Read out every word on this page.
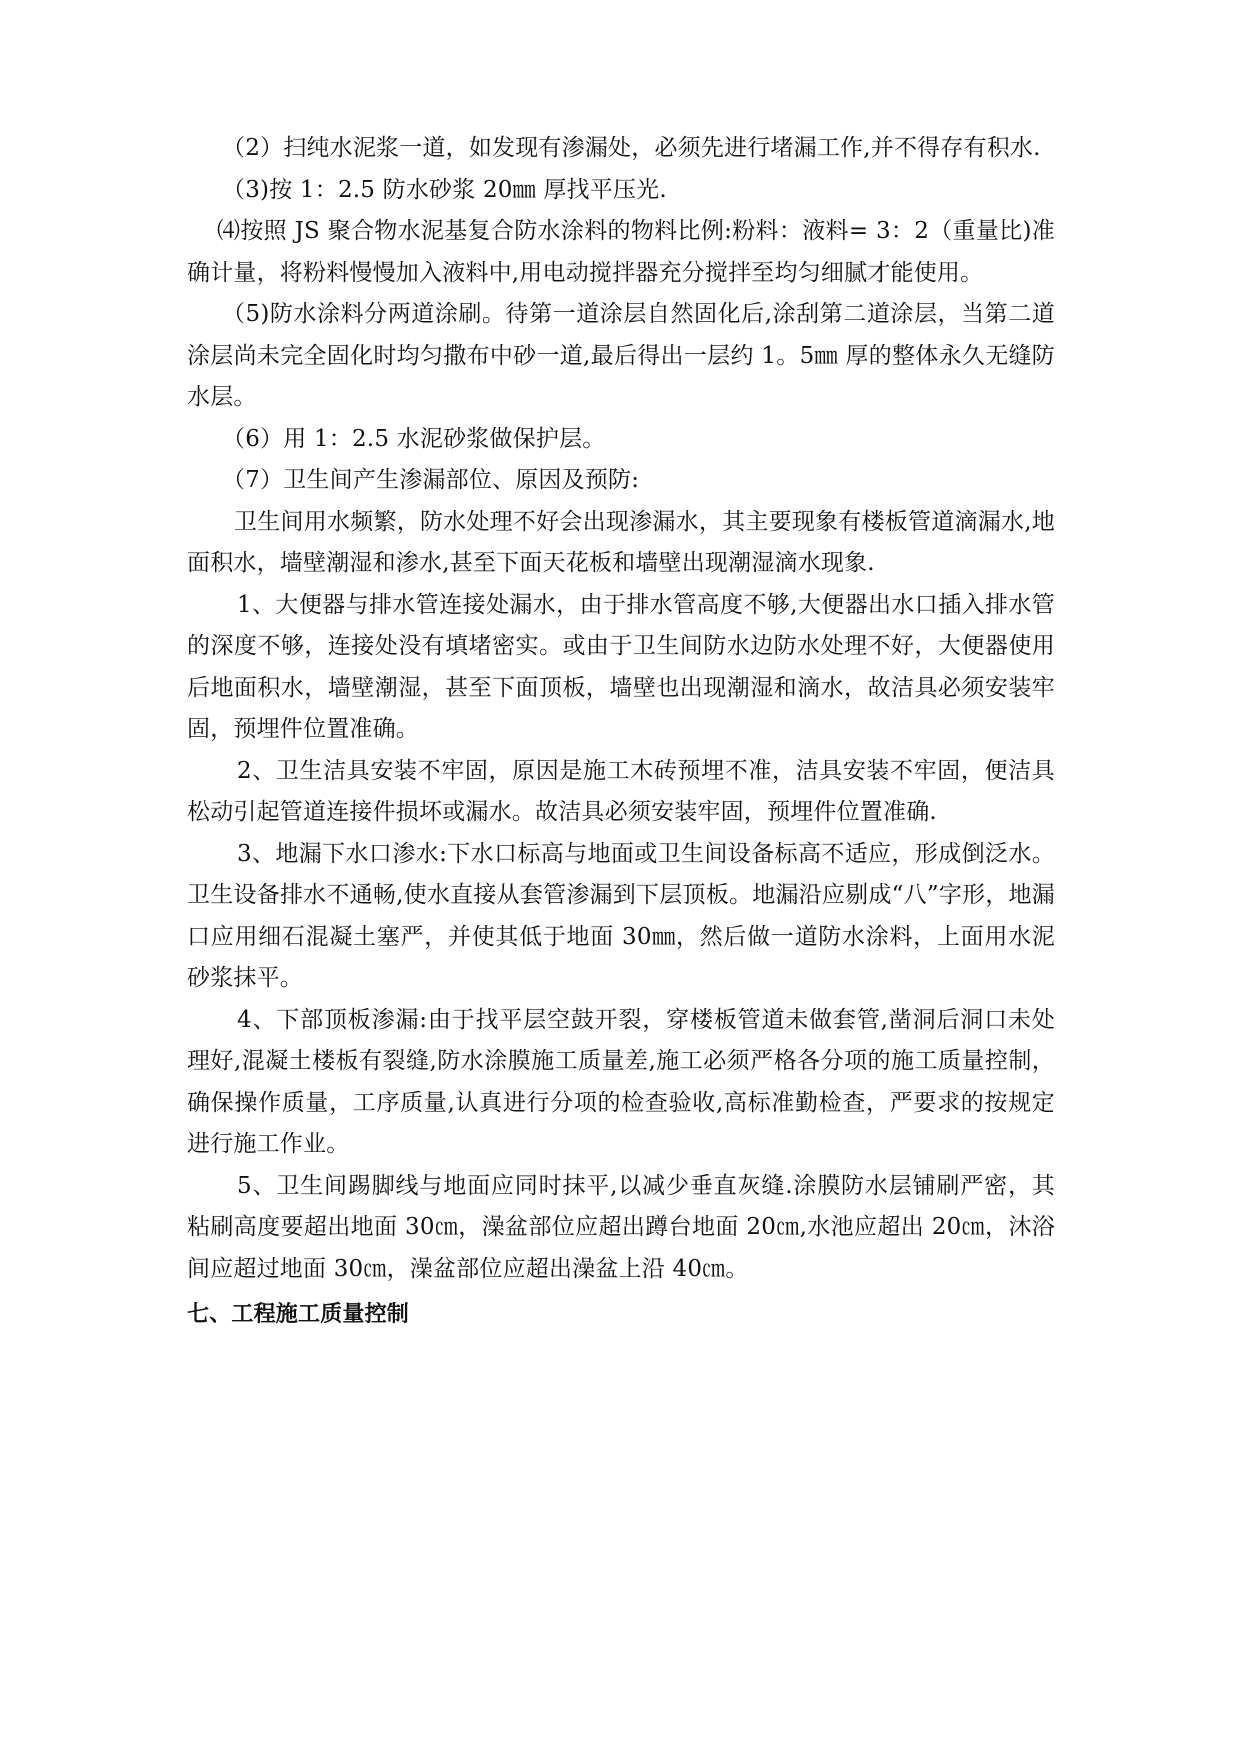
（2）扫纯水泥浆一道，如发现有渗漏处，必须先进行堵漏工作,并不得存有积水.

（3)按 1：2.5 防水砂浆 20㎜ 厚找平压光.

⑷按照 JS 聚合物水泥基复合防水涂料的物料比例:粉料：液料= 3：2（重量比)准确计量，将粉料慢慢加入液料中,用电动搅拌器充分搅拌至均匀细腻才能使用。

（5)防水涂料分两道涂刷。待第一道涂层自然固化后,涂刮第二道涂层，当第二道涂层尚未完全固化时均匀撒布中砂一道,最后得出一层约 1。5㎜ 厚的整体永久无缝防水层。

（6）用 1：2.5 水泥砂浆做保护层。

（7）卫生间产生渗漏部位、原因及预防:

卫生间用水频繁，防水处理不好会出现渗漏水，其主要现象有楼板管道滴漏水,地面积水，墙壁潮湿和渗水,甚至下面天花板和墙壁出现潮湿滴水现象.

1、大便器与排水管连接处漏水，由于排水管高度不够,大便器出水口插入排水管的深度不够，连接处没有填堵密实。或由于卫生间防水边防水处理不好，大便器使用后地面积水，墙壁潮湿，甚至下面顶板，墙壁也出现潮湿和滴水，故洁具必须安装牢固，预埋件位置准确。

2、卫生洁具安装不牢固，原因是施工木砖预埋不准，洁具安装不牢固，便洁具松动引起管道连接件损坏或漏水。故洁具必须安装牢固，预埋件位置准确.

3、地漏下水口渗水:下水口标高与地面或卫生间设备标高不适应，形成倒泛水。卫生设备排水不通畅,使水直接从套管渗漏到下层顶板。地漏沿应剔成“八”字形，地漏口应用细石混凝土塞严，并使其低于地面 30㎜，然后做一道防水涂料，上面用水泥砂浆抹平。

4、下部顶板渗漏:由于找平层空鼓开裂，穿楼板管道未做套管,凿洞后洞口未处理好,混凝土楼板有裂缝,防水涂膜施工质量差,施工必须严格各分项的施工质量控制，确保操作质量，工序质量,认真进行分项的检查验收,高标准勤检查，严要求的按规定进行施工作业。

5、卫生间踢脚线与地面应同时抹平,以减少垂直灰缝.涂膜防水层铺刷严密，其粘刷高度要超出地面 30㎝，澡盆部位应超出蹲台地面 20㎝,水池应超出 20㎝，沐浴间应超过地面 30㎝，澡盆部位应超出澡盆上沿 40㎝。

七、工程施工质量控制
